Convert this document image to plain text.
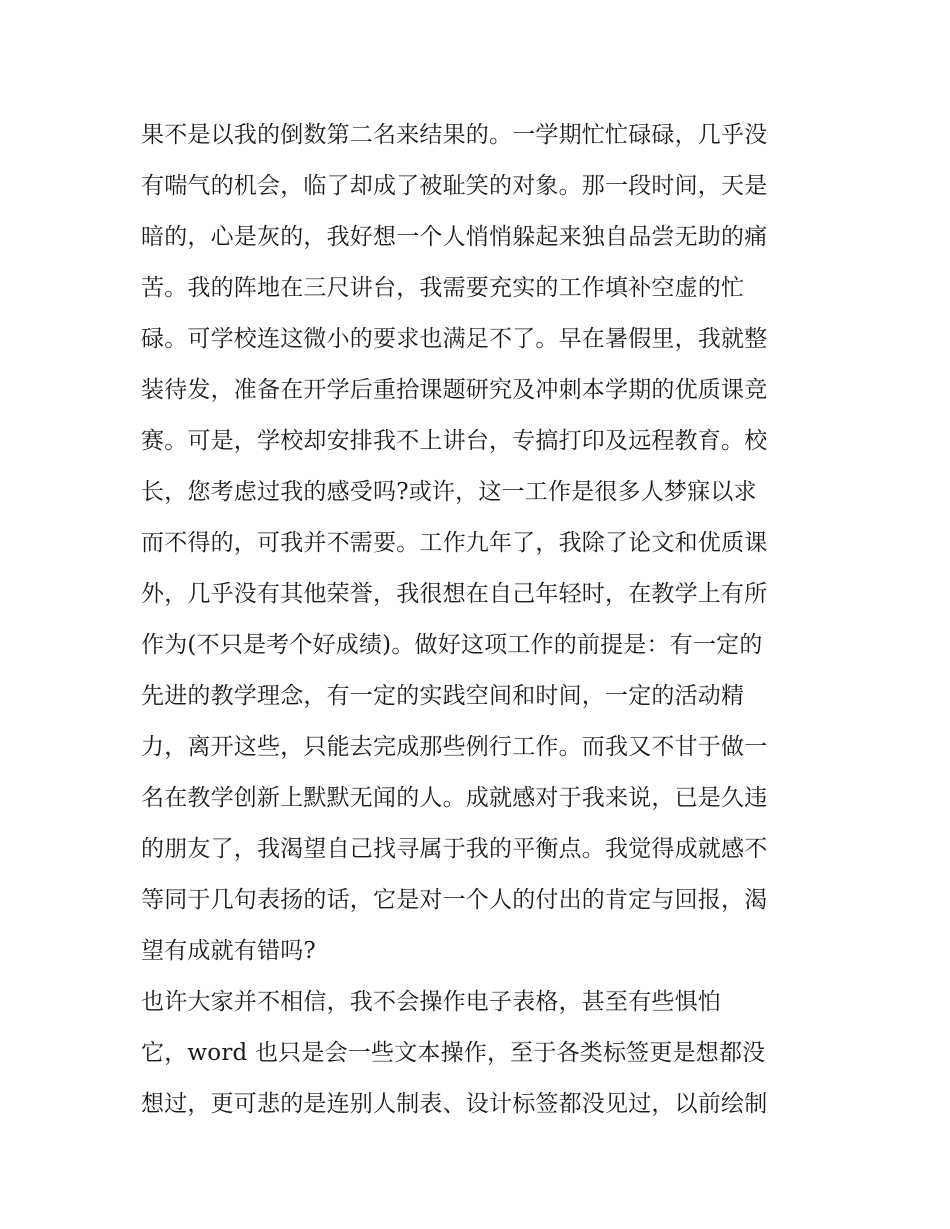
果不是以我的倒数第二名来结果的。一学期忙忙碌碌，几乎没
有喘气的机会，临了却成了被耻笑的对象。那一段时间，天是
暗的，心是灰的，我好想一个人悄悄躲起来独自品尝无助的痛
苦。我的阵地在三尺讲台，我需要充实的工作填补空虚的忙
碌。可学校连这微小的要求也满足不了。早在暑假里，我就整
装待发，准备在开学后重拾课题研究及冲刺本学期的优质课竞
赛。可是，学校却安排我不上讲台，专搞打印及远程教育。校
长，您考虑过我的感受吗?或许，这一工作是很多人梦寐以求
而不得的，可我并不需要。工作九年了，我除了论文和优质课
外，几乎没有其他荣誉，我很想在自己年轻时，在教学上有所
作为(不只是考个好成绩)。做好这项工作的前提是：有一定的
先进的教学理念，有一定的实践空间和时间，一定的活动精
力，离开这些，只能去完成那些例行工作。而我又不甘于做一
名在教学创新上默默无闻的人。成就感对于我来说，已是久违
的朋友了，我渴望自己找寻属于我的平衡点。我觉得成就感不
等同于几句表扬的话，它是对一个人的付出的肯定与回报，渴
望有成就有错吗?
也许大家并不相信，我不会操作电子表格，甚至有些惧怕
它，word 也只是会一些文本操作，至于各类标签更是想都没
想过，更可悲的是连别人制表、设计标签都没见过，以前绘制
